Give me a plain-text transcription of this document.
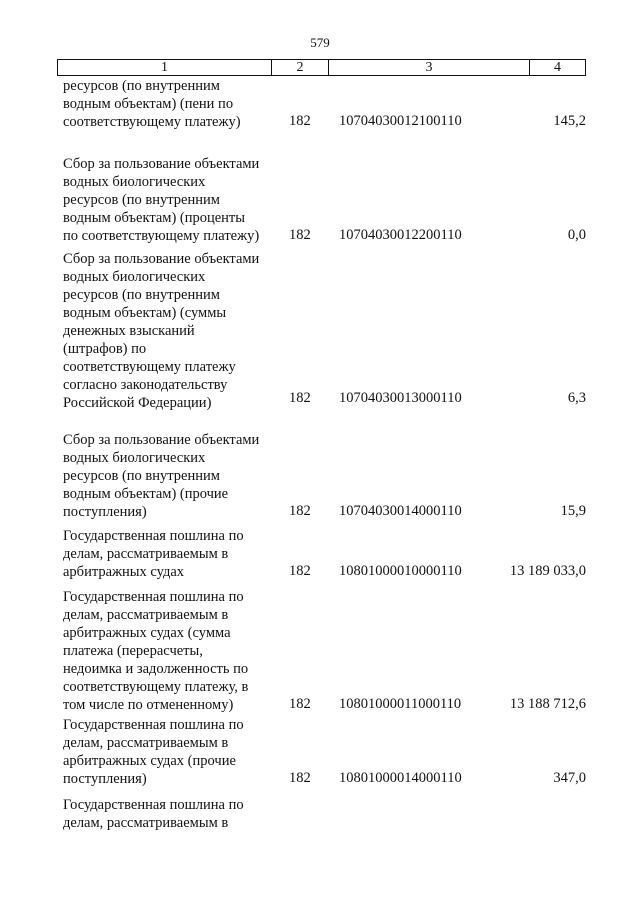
579
1	2	3	4
ресурсов (по внутренним
водным объектам) (пени по
соответствующему платежу)	182 10704030012100110	145,2
Сбор за пользование объектами
водных биологических
ресурсов (по внутренним
водным объектам) (проценты
по соответствующему платежу)	182 10704030012200110	0,0
Сбор за пользование объектами
водных биологических
ресурсов (по внутренним
водным объектам) (суммы
денежных взысканий
(штрафов) по
соответствующему платежу
согласно законодательству
Российской Федерации)	182 10704030013000110	6,3
Сбор за пользование объектами
водных биологических
ресурсов (по внутренним
водным объектам) (прочие
поступления)	182 10704030014000110	15,9
Государственная пошлина по
делам, рассматриваемым в
арбитражных судах	182 10801000010000110	13 189 033,0
Государственная пошлина по
делам, рассматриваемым в
арбитражных судах (сумма
платежа (перерасчеты,
недоимка и задолженность по
соответствующему платежу, в
том числе по отмененному)	182 10801000011000110	13 188 712,6
Государственная пошлина по
делам, рассматриваемым в
арбитражных судах (прочие
поступления)	182 10801000014000110	347,0
Государственная пошлина по
делам, рассматриваемым в
